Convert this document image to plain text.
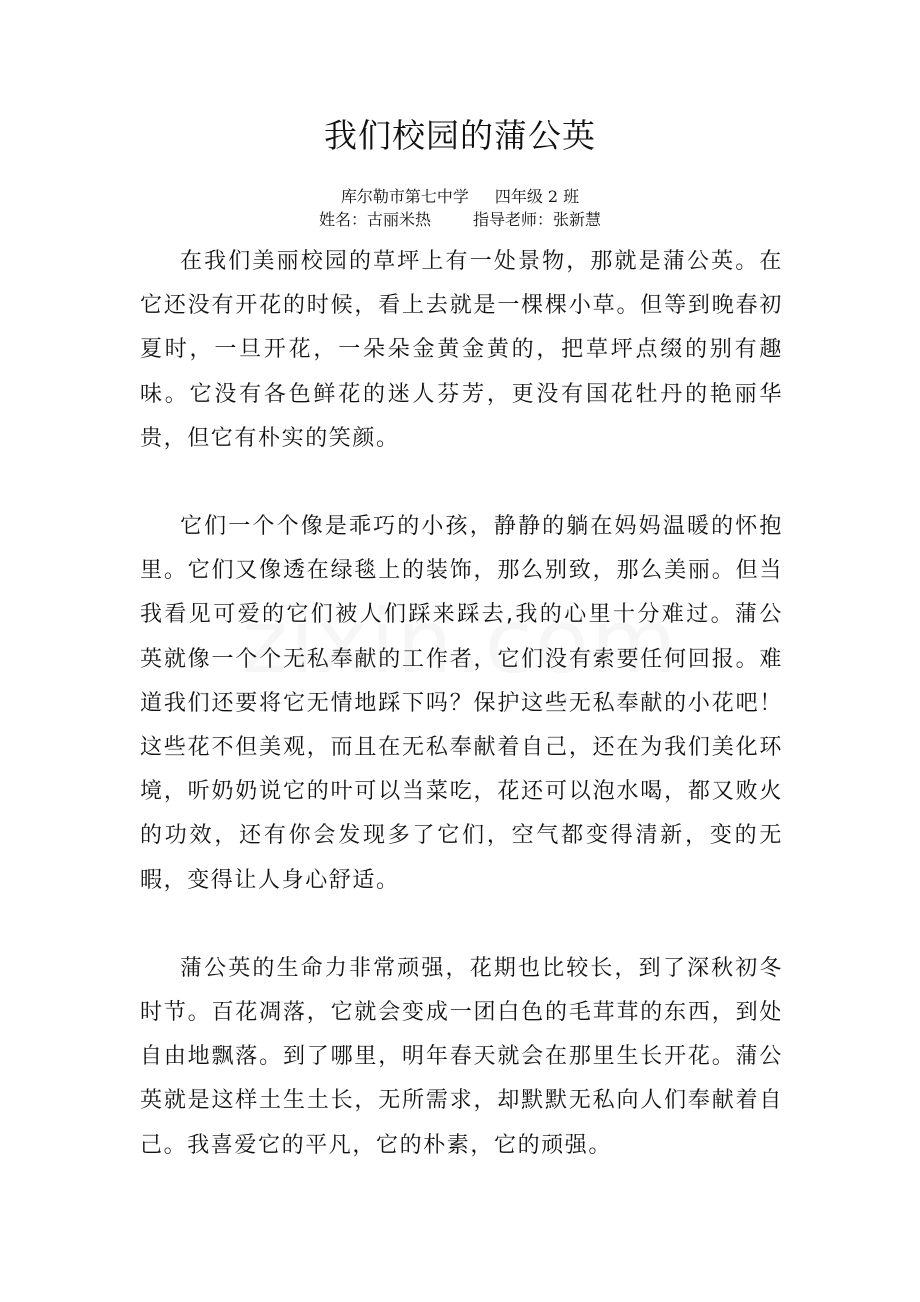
我们校园的蒲公英
库尔勒市第七中学 四年级 2 班
姓名：古丽米热	指导老师：张新慧

在我们美丽校园的草坪上有一处景物，那就是蒲公英。在它还没有开花的时候，看上去就是一棵棵小草。但等到晚春初夏时，一旦开花，一朵朵金黄金黄的，把草坪点缀的别有趣味。它没有各色鲜花的迷人芬芳，更没有国花牡丹的艳丽华贵，但它有朴实的笑颜。

它们一个个像是乖巧的小孩，静静的躺在妈妈温暖的怀抱里。它们又像透在绿毯上的装饰，那么别致，那么美丽。但当我看见可爱的它们被人们踩来踩去,我的心里十分难过。蒲公英就像一个个无私奉献的工作者，它们没有索要任何回报。难道我们还要将它无情地踩下吗？保护这些无私奉献的小花吧！这些花不但美观，而且在无私奉献着自己，还在为我们美化环境，听奶奶说它的叶可以当菜吃，花还可以泡水喝，都又败火的功效，还有你会发现多了它们，空气都变得清新，变的无暇，变得让人身心舒适。

蒲公英的生命力非常顽强，花期也比较长，到了深秋初冬时节。百花凋落，它就会变成一团白色的毛茸茸的东西，到处自由地飘落。到了哪里，明年春天就会在那里生长开花。蒲公英就是这样土生土长，无所需求，却默默无私向人们奉献着自己。我喜爱它的平凡，它的朴素，它的顽强。
